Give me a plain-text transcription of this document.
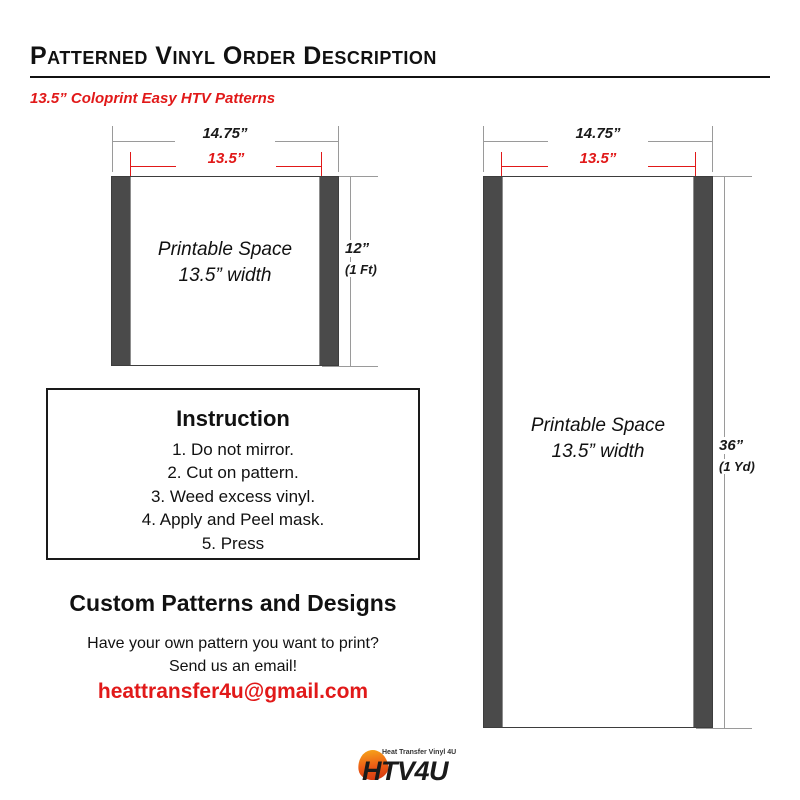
Patterned Vinyl Order Description
13.5” Coloprint Easy HTV Patterns
14.75”
13.5”
12”
(1 Ft)
Printable Space
13.5” width
14.75”
13.5”
36”
(1 Yd)
Printable Space
13.5” width
Instruction
1. Do not mirror.
2. Cut on pattern.
3. Weed excess vinyl.
4. Apply and Peel mask.
5. Press
Custom Patterns and Designs
Have your own pattern you want to print?
Send us an email!
heattransfer4u@gmail.com
Heat Transfer Vinyl 4U
HTV4U
